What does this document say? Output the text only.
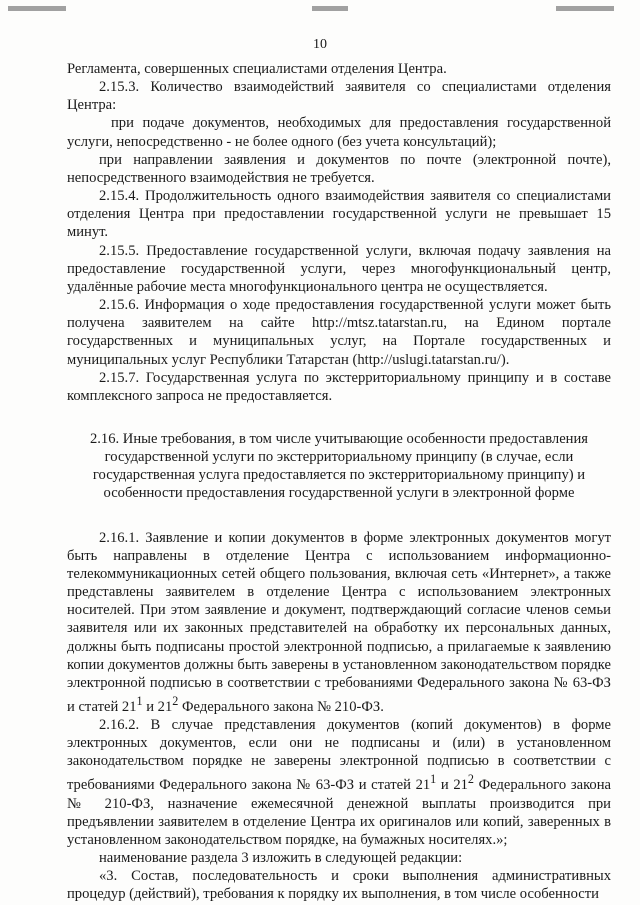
10

Регламента, совершенных специалистами отделения Центра.

2.15.3. Количество взаимодействий заявителя со специалистами отделения Центра:

при подаче документов, необходимых для предоставления государственной услуги, непосредственно - не более одного (без учета консультаций);

при направлении заявления и документов по почте (электронной почте), непосредственного взаимодействия не требуется.

2.15.4. Продолжительность одного взаимодействия заявителя со специалистами отделения Центра при предоставлении государственной услуги не превышает 15 минут.

2.15.5. Предоставление государственной услуги, включая подачу заявления на предоставление государственной услуги, через многофункциональный центр, удалённые рабочие места многофункционального центра не осуществляется.

2.15.6. Информация о ходе предоставления государственной услуги может быть получена заявителем на сайте http://mtsz.tatarstan.ru, на Едином портале государственных и муниципальных услуг, на Портале государственных и муниципальных услуг Республики Татарстан (http://uslugi.tatarstan.ru/).

2.15.7. Государственная услуга по экстерриториальному принципу и в составе комплексного запроса не предоставляется.

2.16. Иные требования, в том числе учитывающие особенности предоставления
государственной услуги по экстерриториальному принципу (в случае, если
государственная услуга предоставляется по экстерриториальному принципу) и
особенности предоставления государственной услуги в электронной форме

2.16.1. Заявление и копии документов в форме электронных документов могут быть направлены в отделение Центра с использованием информационно-телекоммуникационных сетей общего пользования, включая сеть «Интернет», а также представлены заявителем в отделение Центра с использованием электронных носителей. При этом заявление и документ, подтверждающий согласие членов семьи заявителя или их законных представителей на обработку их персональных данных, должны быть подписаны простой электронной подписью, а прилагаемые к заявлению копии документов должны быть заверены в установленном законодательством порядке электронной подписью в соответствии с требованиями Федерального закона № 63-ФЗ и статей $21^1$ и $21^2$ Федерального закона № 210-ФЗ.

2.16.2. В случае представления документов (копий документов) в форме электронных документов, если они не подписаны и (или) в установленном законодательством порядке не заверены электронной подписью в соответствии с требованиями Федерального закона № 63-ФЗ и статей $21^1$ и $21^2$ Федерального закона № 210-ФЗ, назначение ежемесячной денежной выплаты производится при предъявлении заявителем в отделение Центра их оригиналов или копий, заверенных в установленном законодательством порядке, на бумажных носителях.»;

наименование раздела 3 изложить в следующей редакции:

«3. Состав, последовательность и сроки выполнения административных процедур (действий), требования к порядку их выполнения, в том числе особенности
